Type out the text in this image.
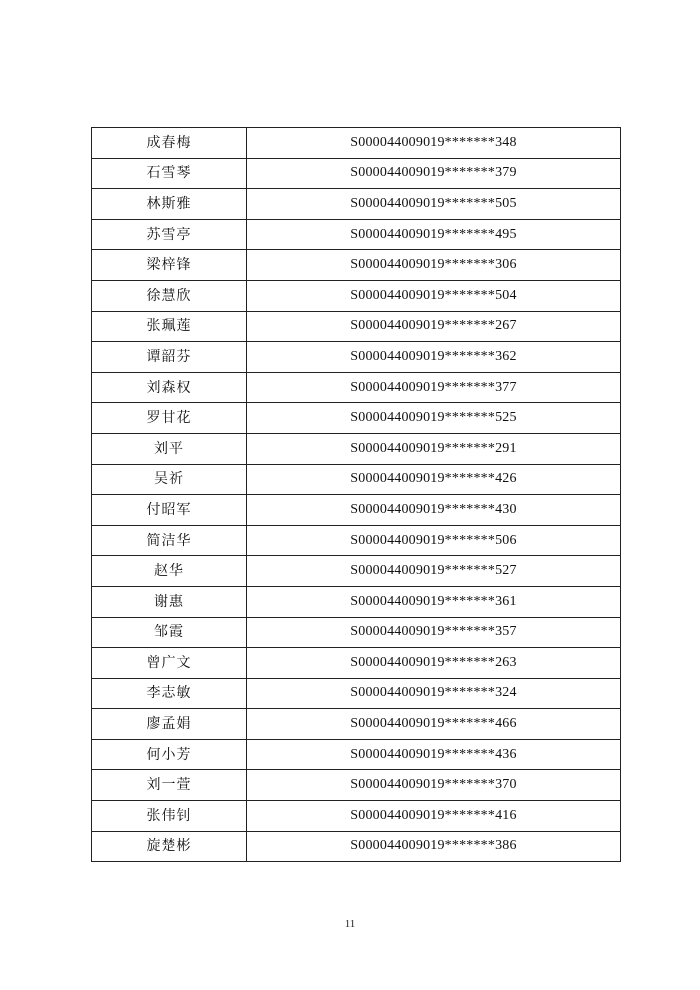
成春梅	S000044009019*******348
石雪琴	S000044009019*******379
林斯雅	S000044009019*******505
苏雪亭	S000044009019*******495
梁梓锋	S000044009019*******306
徐慧欣	S000044009019*******504
张珮莲	S000044009019*******267
谭韶芬	S000044009019*******362
刘森权	S000044009019*******377
罗甘花	S000044009019*******525
刘平	S000044009019*******291
吴祈	S000044009019*******426
付昭军	S000044009019*******430
简洁华	S000044009019*******506
赵华	S000044009019*******527
谢惠	S000044009019*******361
邹霞	S000044009019*******357
曾广文	S000044009019*******263
李志敏	S000044009019*******324
廖孟娟	S000044009019*******466
何小芳	S000044009019*******436
刘一萱	S000044009019*******370
张伟钊	S000044009019*******416
旋楚彬	S000044009019*******386
11
